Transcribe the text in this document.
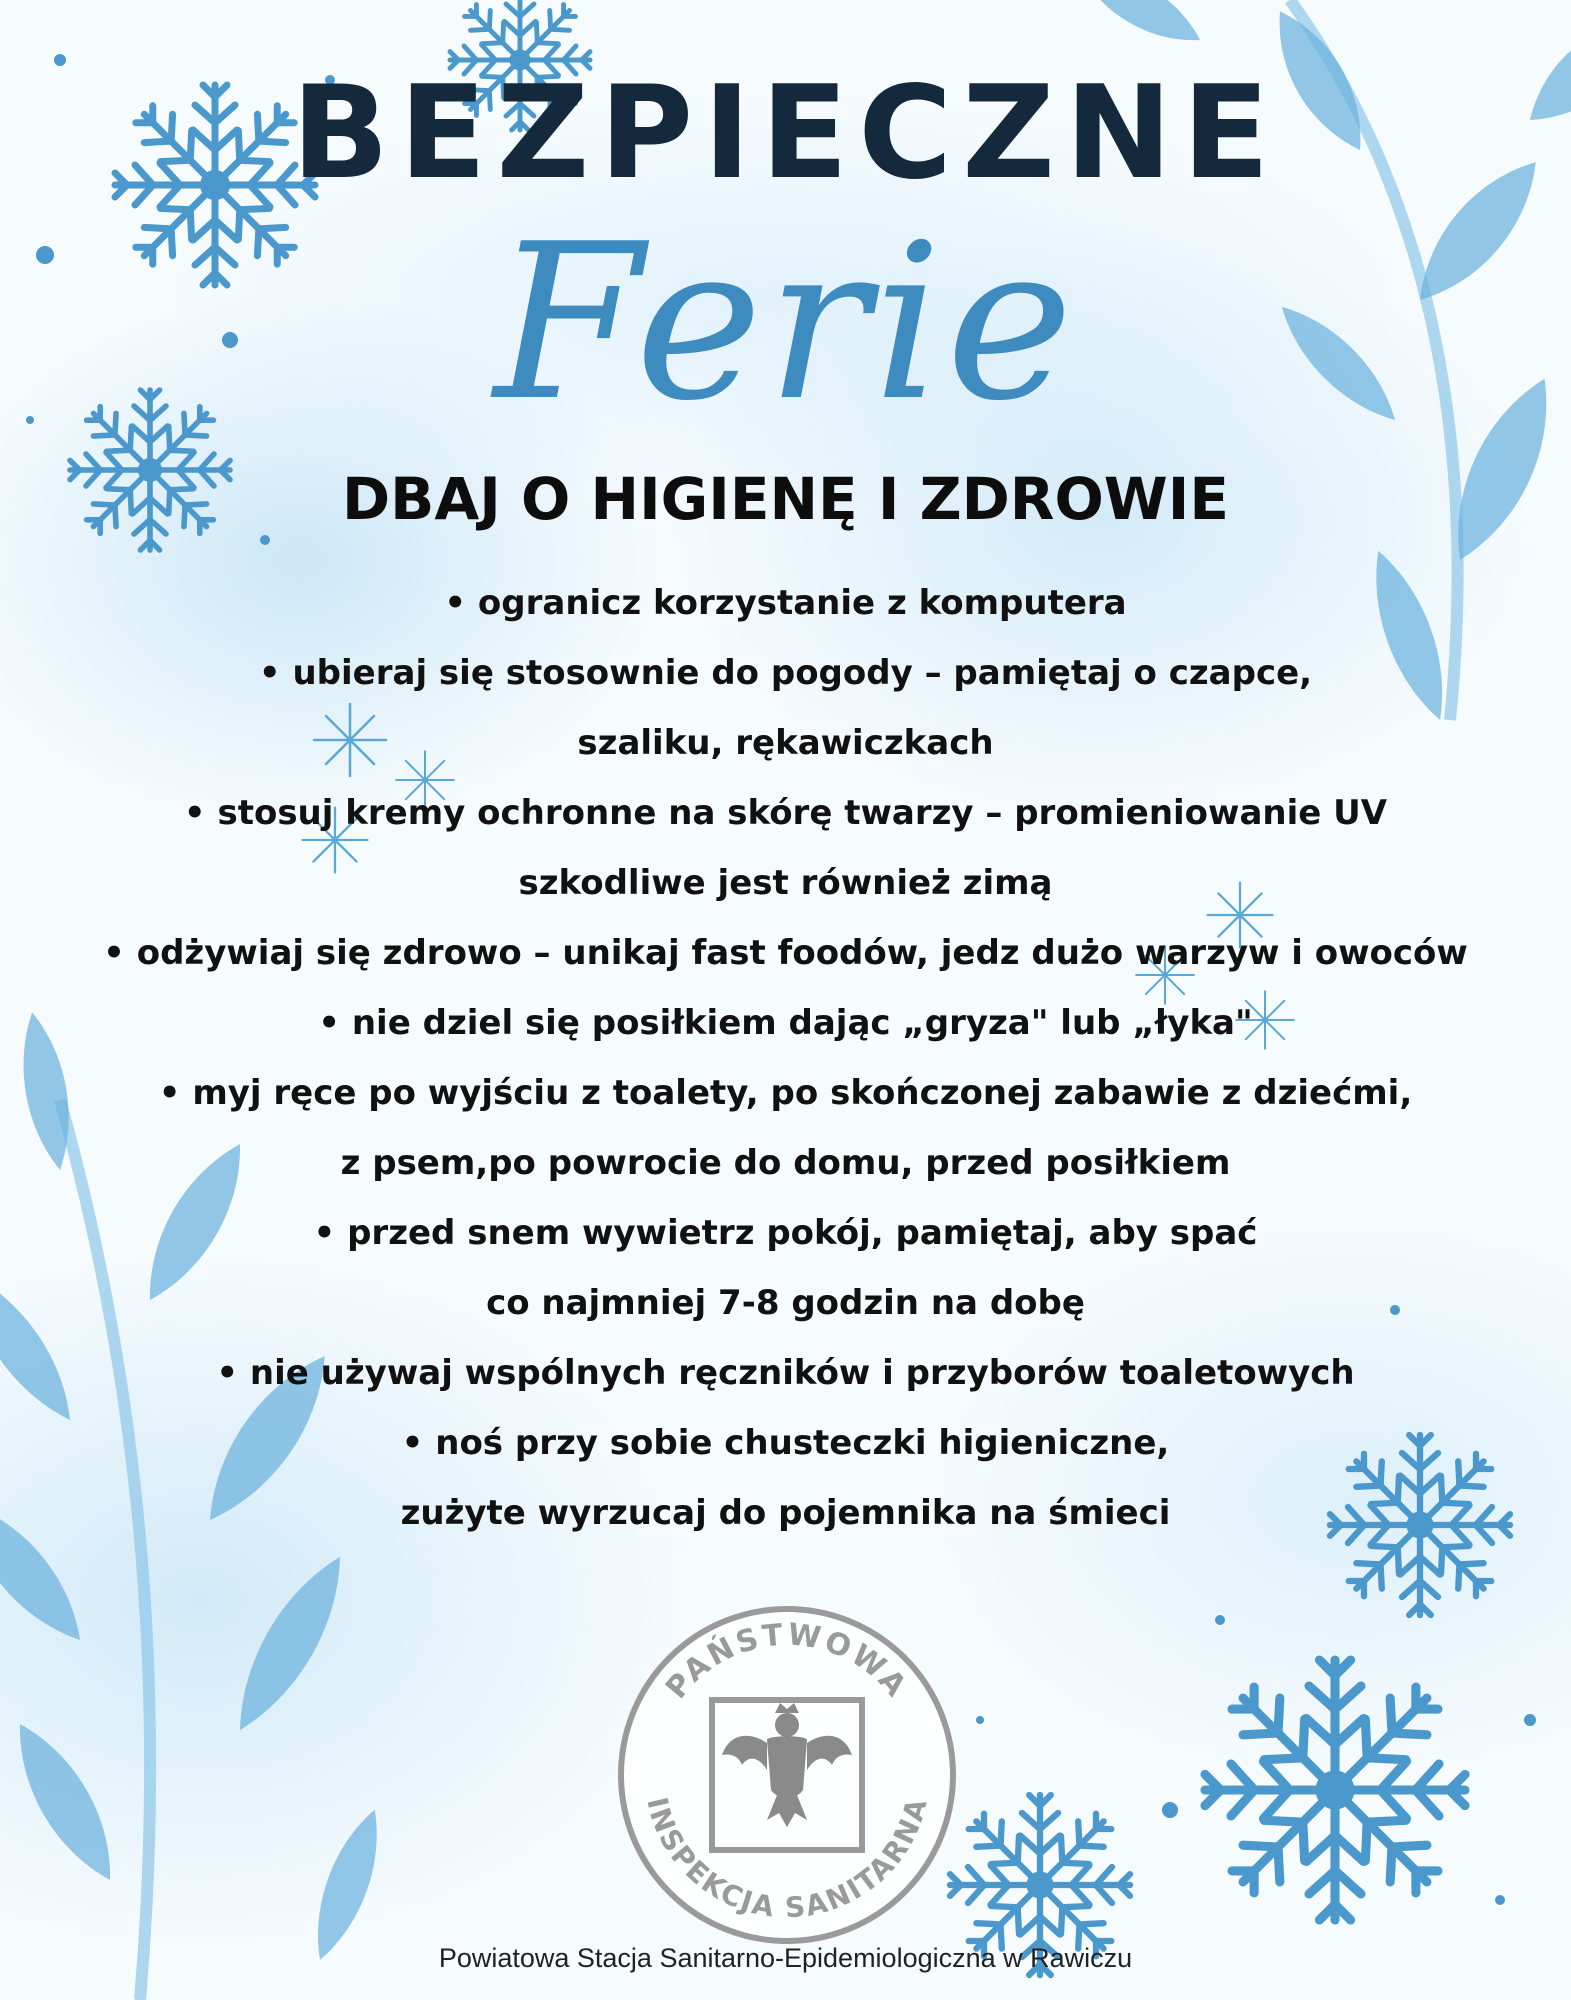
BEZPIECZNE
Ferie
DBAJ O HIGIENĘ I ZDROWIE
• ogranicz korzystanie z komputera
• ubieraj się stosownie do pogody – pamiętaj o czapce,
szaliku, rękawiczkach
• stosuj kremy ochronne na skórę twarzy – promieniowanie UV
szkodliwe jest również zimą
• odżywiaj się zdrowo – unikaj fast foodów, jedz dużo warzyw i owoców
• nie dziel się posiłkiem dając „gryza" lub „łyka"
• myj ręce po wyjściu z toalety, po skończonej zabawie z dziećmi,
z psem,po powrocie do domu, przed posiłkiem
• przed snem wywietrz pokój, pamiętaj, aby spać
co najmniej 7-8 godzin na dobę
• nie używaj wspólnych ręczników i przyborów toaletowych
• noś przy sobie chusteczki higieniczne,
zużyte wyrzucaj do pojemnika na śmieci
PAŃSTWOWA
INSPEKCJA SANITARNA
Powiatowa Stacja Sanitarno-Epidemiologiczna w Rawiczu
